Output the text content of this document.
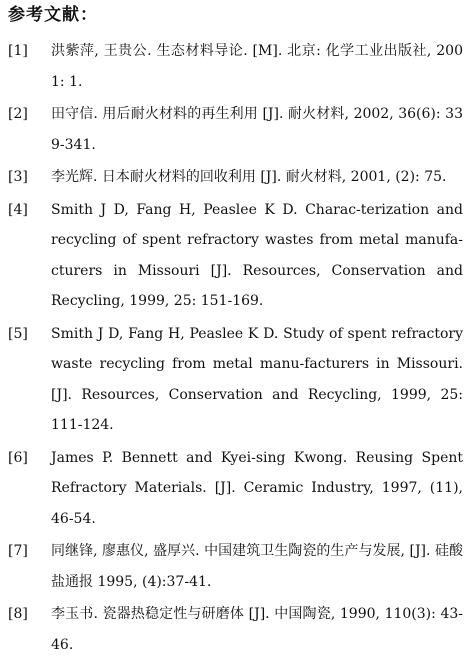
参考文献：
[1] 洪紫萍, 王贵公. 生态材料导论. [M]. 北京: 化学工业出版社, 2001: 1.
[2] 田守信. 用后耐火材料的再生利用 [J]. 耐火材料, 2002, 36(6): 339-341.
[3] 李光辉. 日本耐火材料的回收利用 [J]. 耐火材料, 2001, (2): 75.
[4] Smith J D, Fang H, Peaslee K D. Charac-terization and recycling of spent refractory wastes from metal manufa-cturers in Missouri [J]. Resources, Conservation and Recycling, 1999, 25: 151-169.
[5] Smith J D, Fang H, Peaslee K D. Study of spent refractory waste recycling from metal manu-facturers in Missouri. [J]. Resources, Conservation and Recycling, 1999, 25: 111-124.
[6] James P. Bennett and Kyei-sing Kwong. Reusing Spent Refractory Materials. [J]. Ceramic Industry, 1997, (11), 46-54.
[7] 同继锋, 廖惠仪, 盛厚兴. 中国建筑卫生陶瓷的生产与发展, [J]. 硅酸盐通报 1995, (4):37-41.
[8] 李玉书. 瓷器热稳定性与研磨体 [J]. 中国陶瓷, 1990, 110(3): 43-46.
